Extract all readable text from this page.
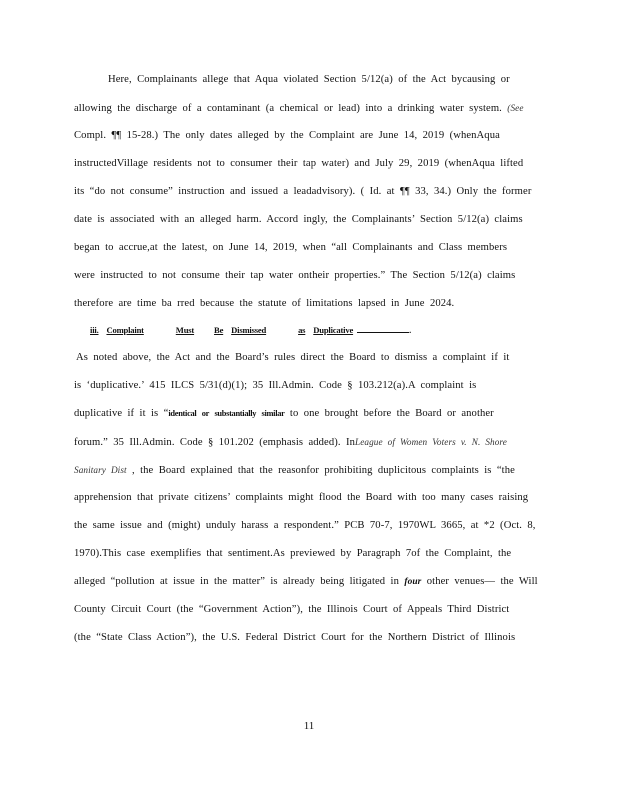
Here, Complainants allege that Aqua violated Section 5/12(a) of the Act bycausing or
allowing the discharge of a contaminant (a chemical or lead) into a drinking water system. (See
Compl. ¶¶ 15-28.) The only dates alleged by the Complaint are June 14, 2019 (whenAqua
instructedVillage residents not to consumer their tap water) and July 29, 2019 (whenAqua lifted
its “do not consume” instruction and issued a leadadvisory). ( Id. at ¶¶ 33, 34.) Only the former
date is associated with an alleged harm. Accord ingly, the Complainants’ Section 5/12(a) claims
began to accrue,at the latest, on June 14, 2019, when “all Complainants and Class members
were instructed to not consume their tap water ontheir properties.” The Section 5/12(a) claims
therefore are time ba rred because the statute of limitations lapsed in June 2024.
iii. Complaint	Must Be Dismissed	as Duplicative	.
As noted above, the Act and the Board’s rules direct the Board to dismiss a complaint if it
is ‘duplicative.’ 415 ILCS 5/31(d)(1); 35 Ill.Admin. Code § 103.212(a).A complaint is
duplicative if it is “identical or substantially similar to one brought before the Board or another
forum.” 35 Ill.Admin. Code § 101.202 (emphasis added). InLeague of Women Voters v. N. Shore
Sanitary Dist , the Board explained that the reasonfor prohibiting duplicitous complaints is “the
apprehension that private citizens’ complaints might flood the Board with too many cases raising
the same issue and (might) unduly harass a respondent.” PCB 70-7, 1970WL 3665, at *2 (Oct. 8,
1970).This case exemplifies that sentiment.As previewed by Paragraph 7of the Complaint, the
alleged “pollution at issue in the matter” is already being litigated in four other venues— the Will
County Circuit Court (the “Government Action”), the Illinois Court of Appeals Third District
(the “State Class Action”), the U.S. Federal District Court for the Northern District of Illinois
11
